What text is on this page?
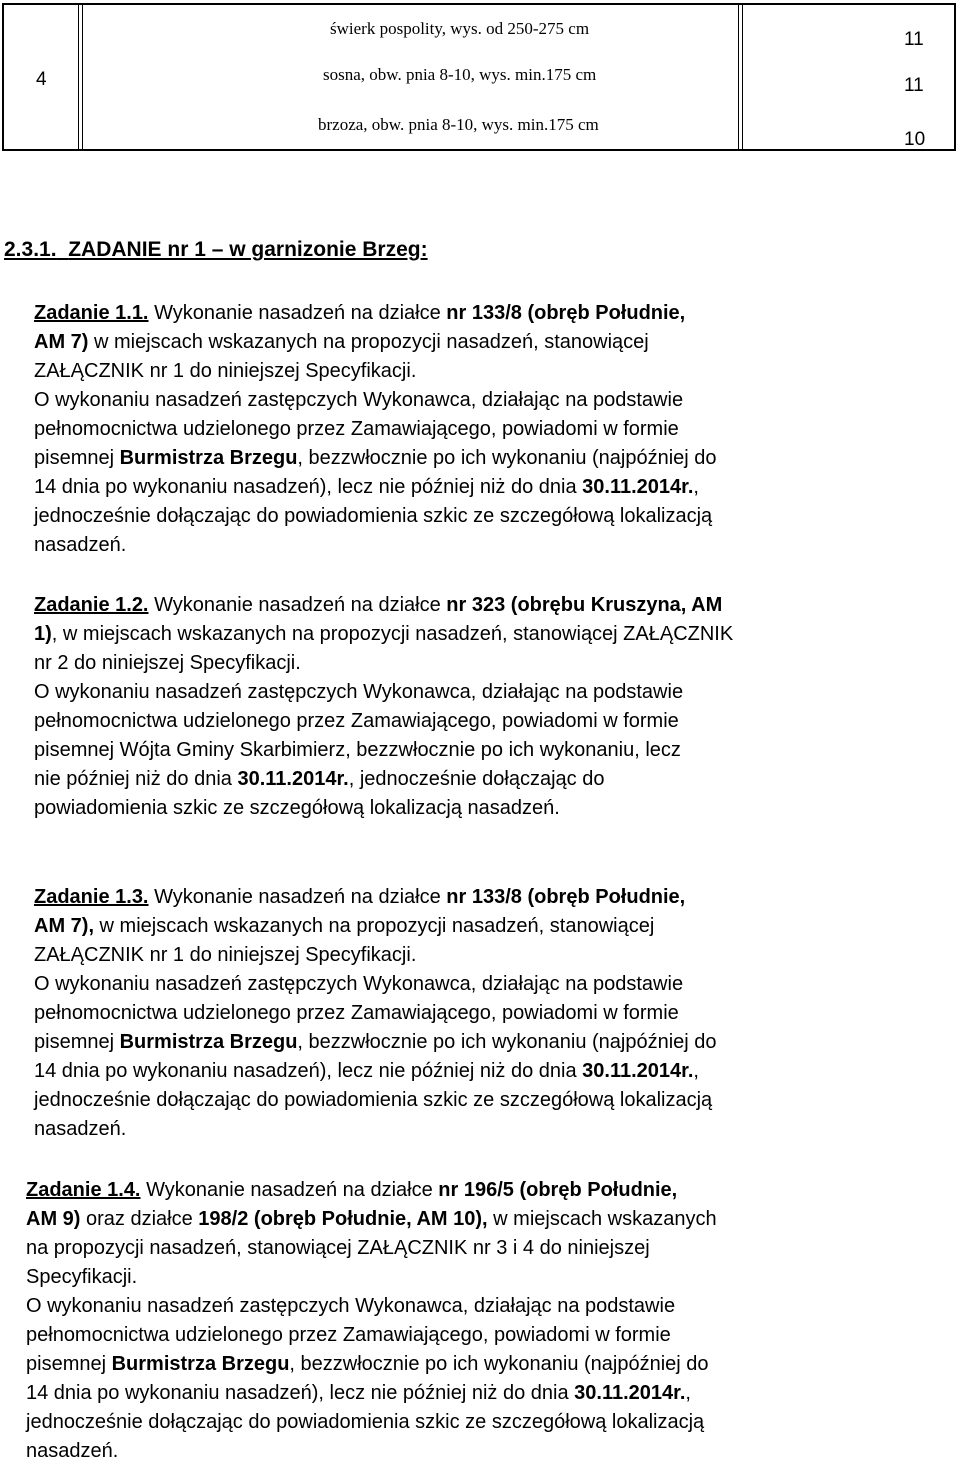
4
świerk pospolity, wys. od 250-275 cm
sosna, obw. pnia 8-10, wys. min.175 cm
brzoza, obw. pnia 8-10, wys. min.175 cm
11
11
10
2.3.1. ZADANIE nr 1 – w garnizonie Brzeg:
Zadanie 1.1. Wykonanie nasadzeń na działce nr 133/8 (obręb Południe,
AM 7) w miejscach wskazanych na propozycji nasadzeń, stanowiącej
ZAŁĄCZNIK nr 1 do niniejszej Specyfikacji.
O wykonaniu nasadzeń zastępczych Wykonawca, działając na podstawie
pełnomocnictwa udzielonego przez Zamawiającego, powiadomi w formie
pisemnej Burmistrza Brzegu, bezzwłocznie po ich wykonaniu (najpóźniej do
14 dnia po wykonaniu nasadzeń), lecz nie później niż do dnia 30.11.2014r.,
jednocześnie dołączając do powiadomienia szkic ze szczegółową lokalizacją
nasadzeń.
Zadanie 1.2. Wykonanie nasadzeń na działce nr 323 (obrębu Kruszyna, AM
1), w miejscach wskazanych na propozycji nasadzeń, stanowiącej ZAŁĄCZNIK
nr 2 do niniejszej Specyfikacji.
O wykonaniu nasadzeń zastępczych Wykonawca, działając na podstawie
pełnomocnictwa udzielonego przez Zamawiającego, powiadomi w formie
pisemnej Wójta Gminy Skarbimierz, bezzwłocznie po ich wykonaniu, lecz
nie później niż do dnia 30.11.2014r., jednocześnie dołączając do
powiadomienia szkic ze szczegółową lokalizacją nasadzeń.
Zadanie 1.3. Wykonanie nasadzeń na działce nr 133/8 (obręb Południe,
AM 7), w miejscach wskazanych na propozycji nasadzeń, stanowiącej
ZAŁĄCZNIK nr 1 do niniejszej Specyfikacji.
O wykonaniu nasadzeń zastępczych Wykonawca, działając na podstawie
pełnomocnictwa udzielonego przez Zamawiającego, powiadomi w formie
pisemnej Burmistrza Brzegu, bezzwłocznie po ich wykonaniu (najpóźniej do
14 dnia po wykonaniu nasadzeń), lecz nie później niż do dnia 30.11.2014r.,
jednocześnie dołączając do powiadomienia szkic ze szczegółową lokalizacją
nasadzeń.
Zadanie 1.4. Wykonanie nasadzeń na działce nr 196/5 (obręb Południe,
AM 9) oraz działce 198/2 (obręb Południe, AM 10), w miejscach wskazanych
na propozycji nasadzeń, stanowiącej ZAŁĄCZNIK nr 3 i 4 do niniejszej
Specyfikacji.
O wykonaniu nasadzeń zastępczych Wykonawca, działając na podstawie
pełnomocnictwa udzielonego przez Zamawiającego, powiadomi w formie
pisemnej Burmistrza Brzegu, bezzwłocznie po ich wykonaniu (najpóźniej do
14 dnia po wykonaniu nasadzeń), lecz nie później niż do dnia 30.11.2014r.,
jednocześnie dołączając do powiadomienia szkic ze szczegółową lokalizacją
nasadzeń.
